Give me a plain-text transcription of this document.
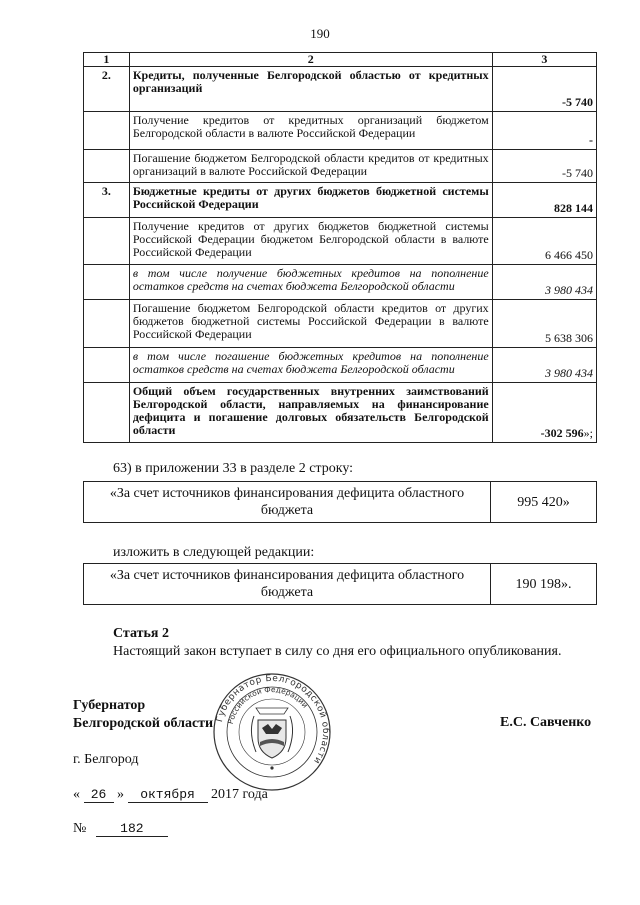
190
1	2	3
2.	Кредиты, полученные Белгородской областью от кредитных организаций	-5 740
	Получение кредитов от кредитных организаций бюджетом Белгородской области в валюте Российской Федерации	-
	Погашение бюджетом Белгородской области кредитов от кредитных организаций в валюте Российской Федерации	-5 740
3.	Бюджетные кредиты от других бюджетов бюджетной системы Российской Федерации	828 144
	Получение кредитов от других бюджетов бюджетной системы Российской Федерации бюджетом Белгородской области в валюте Российской Федерации	6 466 450
	в том числе получение бюджетных кредитов на пополнение остатков средств на счетах бюджета Белгородской области	3 980 434
	Погашение бюджетом Белгородской области кредитов от других бюджетов бюджетной системы Российской Федерации в валюте Российской Федерации	5 638 306
	в том числе погашение бюджетных кредитов на пополнение остатков средств на счетах бюджета Белгородской области	3 980 434
	Общий объем государственных внутренних заимствований Белгородской области, направляемых на финансирование дефицита и погашение долговых обязательств Белгородской области	-302 596»;
63) в приложении 33 в разделе 2 строку:
«За счет источников финансирования дефицита областного бюджета	995 420»
изложить в следующей редакции:
«За счет источников финансирования дефицита областного бюджета	190 198».
Статья 2
Настоящий закон вступает в силу со дня его официального опубликования.
Губернатор
Белгородской области Губернатор Белгородской области
Российской Федерации
Е.С. Савченко
г. Белгород
« 26 » октября 2017 года
№	182
